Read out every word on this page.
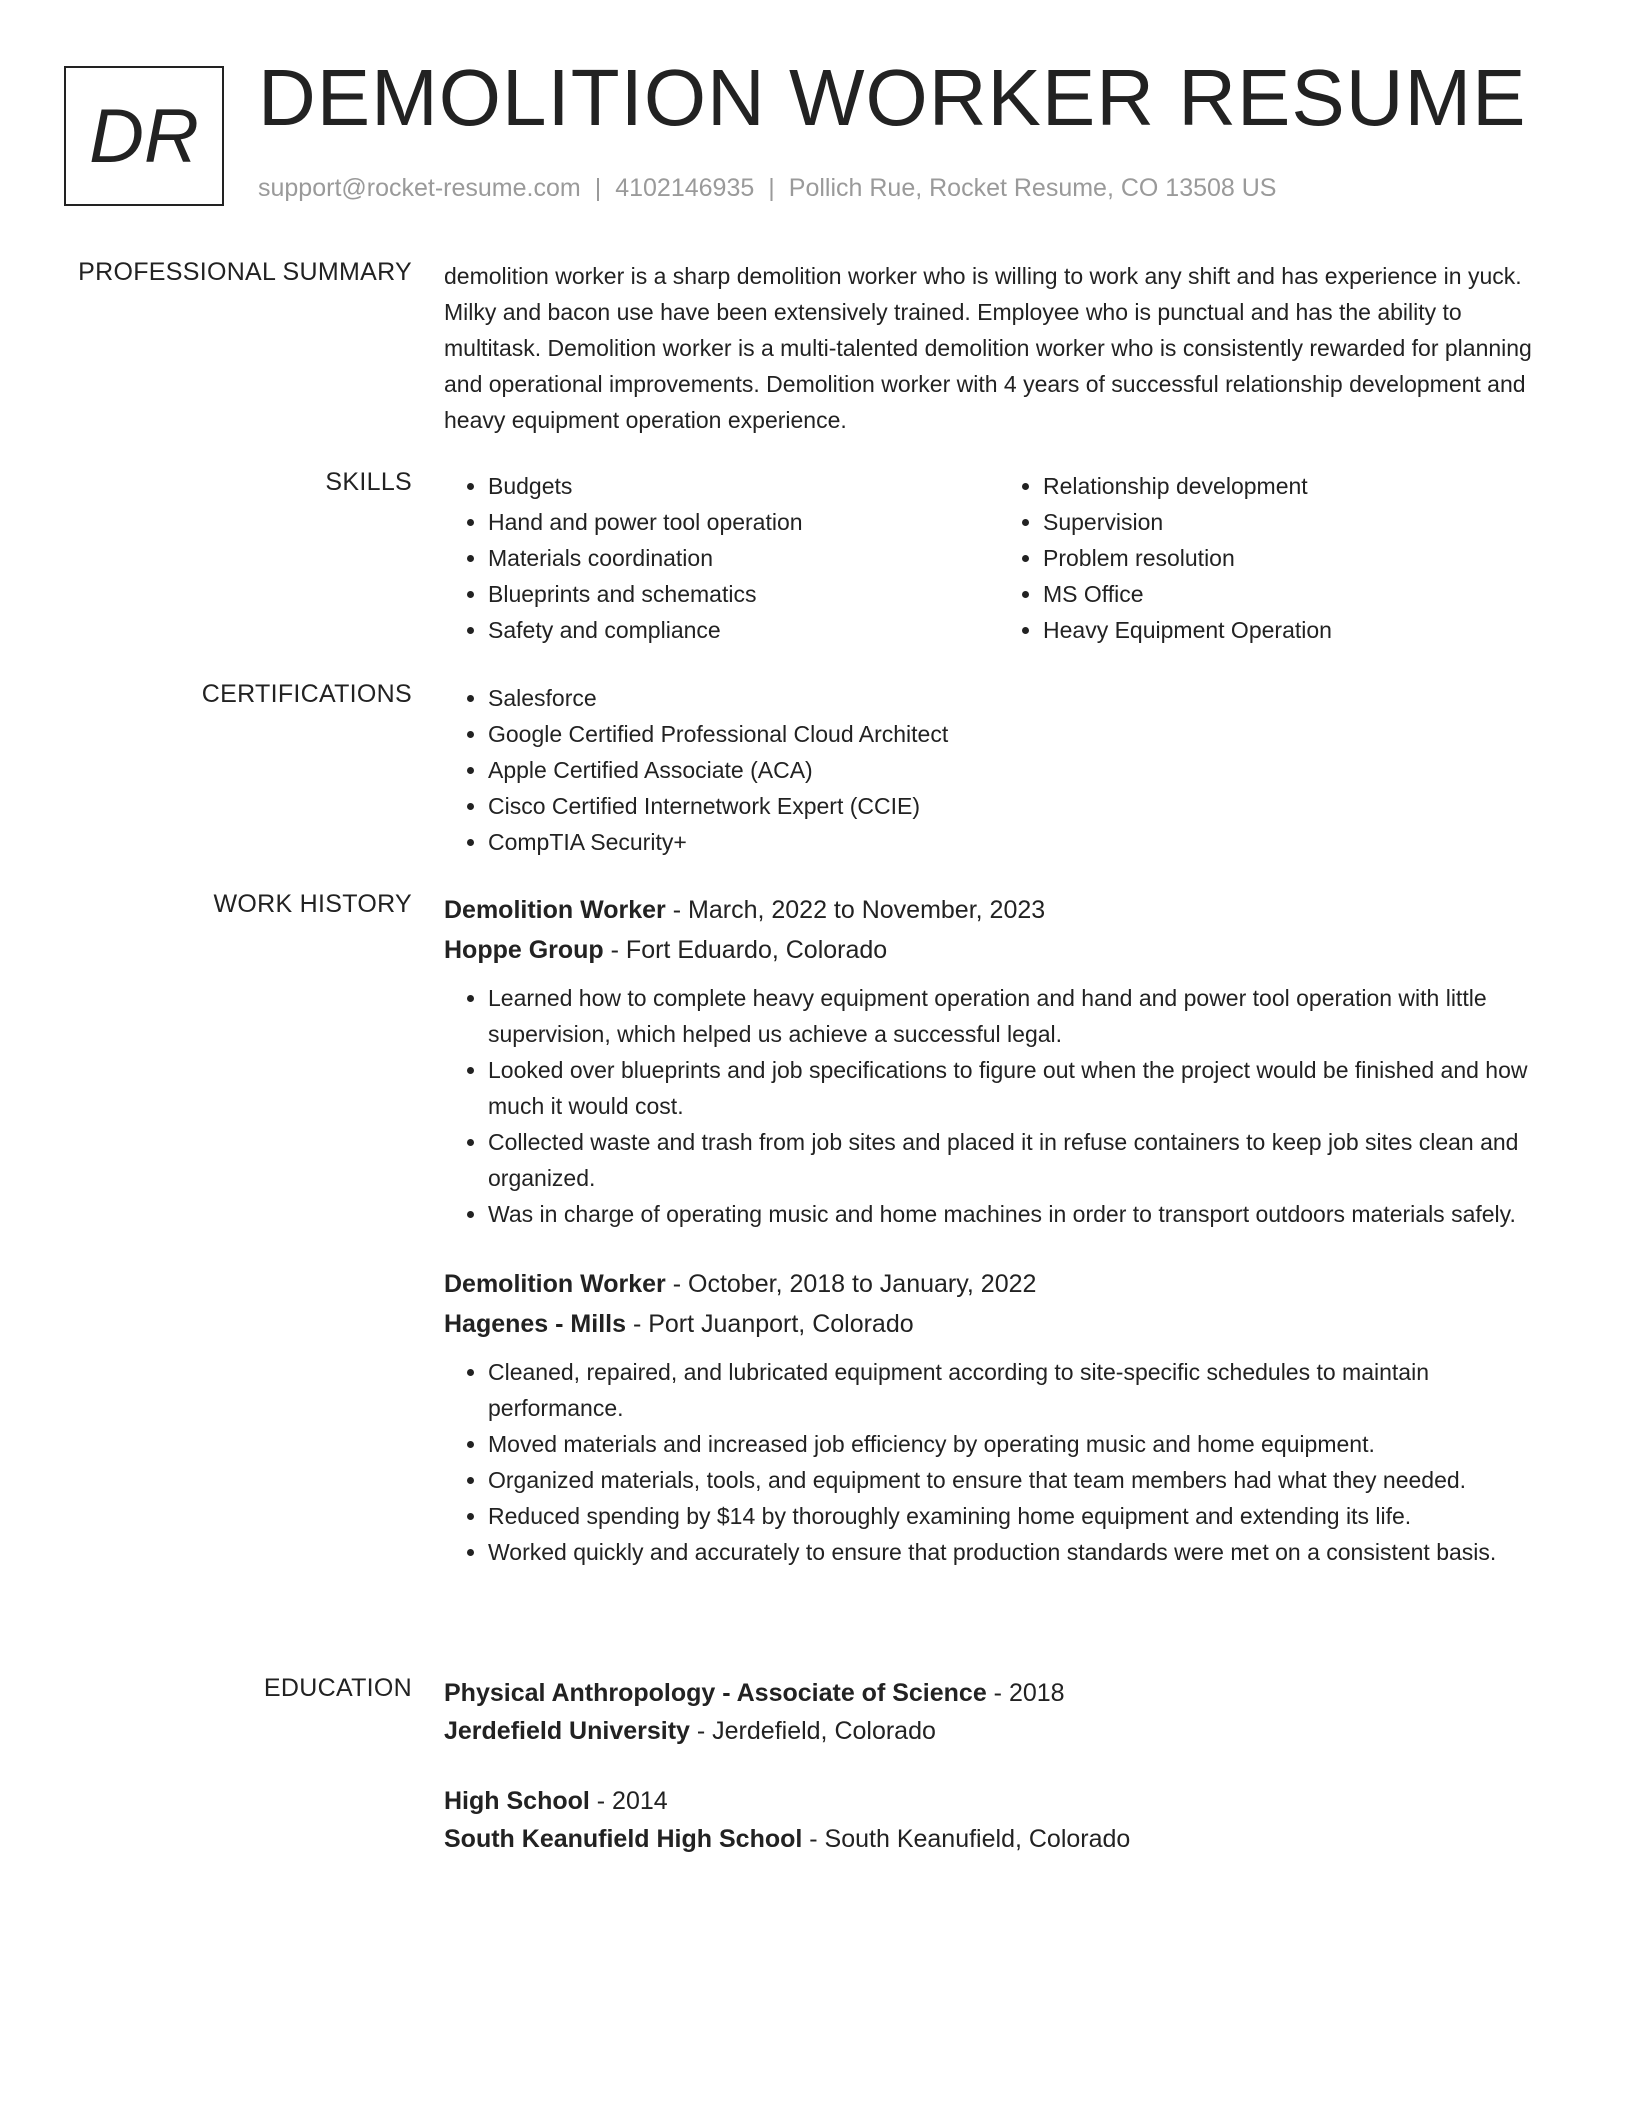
DR DEMOLITION WORKER RESUME
support@rocket-resume.com | 4102146935 | Pollich Rue, Rocket Resume, CO 13508 US
PROFESSIONAL SUMMARY demolition worker is a sharp demolition worker who is willing to work any shift and has experience in yuck. Milky and bacon use have been extensively trained. Employee who is punctual and has the ability to multitask. Demolition worker is a multi-talented demolition worker who is consistently rewarded for planning and operational improvements. Demolition worker with 4 years of successful relationship development and heavy equipment operation experience.

SKILLS	• Budgets
• Hand and power tool operation
• Materials coordination
• Blueprints and schematics
• Safety and compliance
• Relationship development
• Supervision
• Problem resolution
• MS Office
• Heavy Equipment Operation
CERTIFICATIONS	• Salesforce
• Google Certified Professional Cloud Architect
• Apple Certified Associate (ACA)
• Cisco Certified Internetwork Expert (CCIE)
• CompTIA Security+
WORK HISTORY Demolition Worker - March, 2022 to November, 2023
Hoppe Group - Fort Eduardo, Colorado
• Learned how to complete heavy equipment operation and hand and power tool operation with little supervision, which helped us achieve a successful legal.
• Looked over blueprints and job specifications to figure out when the project would be finished and how much it would cost.
• Collected waste and trash from job sites and placed it in refuse containers to keep job sites clean and organized.
• Was in charge of operating music and home machines in order to transport outdoors materials safely.
Demolition Worker - October, 2018 to January, 2022
Hagenes - Mills - Port Juanport, Colorado
• Cleaned, repaired, and lubricated equipment according to site-specific schedules to maintain performance.
• Moved materials and increased job efficiency by operating music and home equipment.
• Organized materials, tools, and equipment to ensure that team members had what they needed.
• Reduced spending by $14 by thoroughly examining home equipment and extending its life.
• Worked quickly and accurately to ensure that production standards were met on a consistent basis.
EDUCATION Physical Anthropology - Associate of Science - 2018
Jerdefield University - Jerdefield, Colorado
High School - 2014
South Keanufield High School - South Keanufield, Colorado
